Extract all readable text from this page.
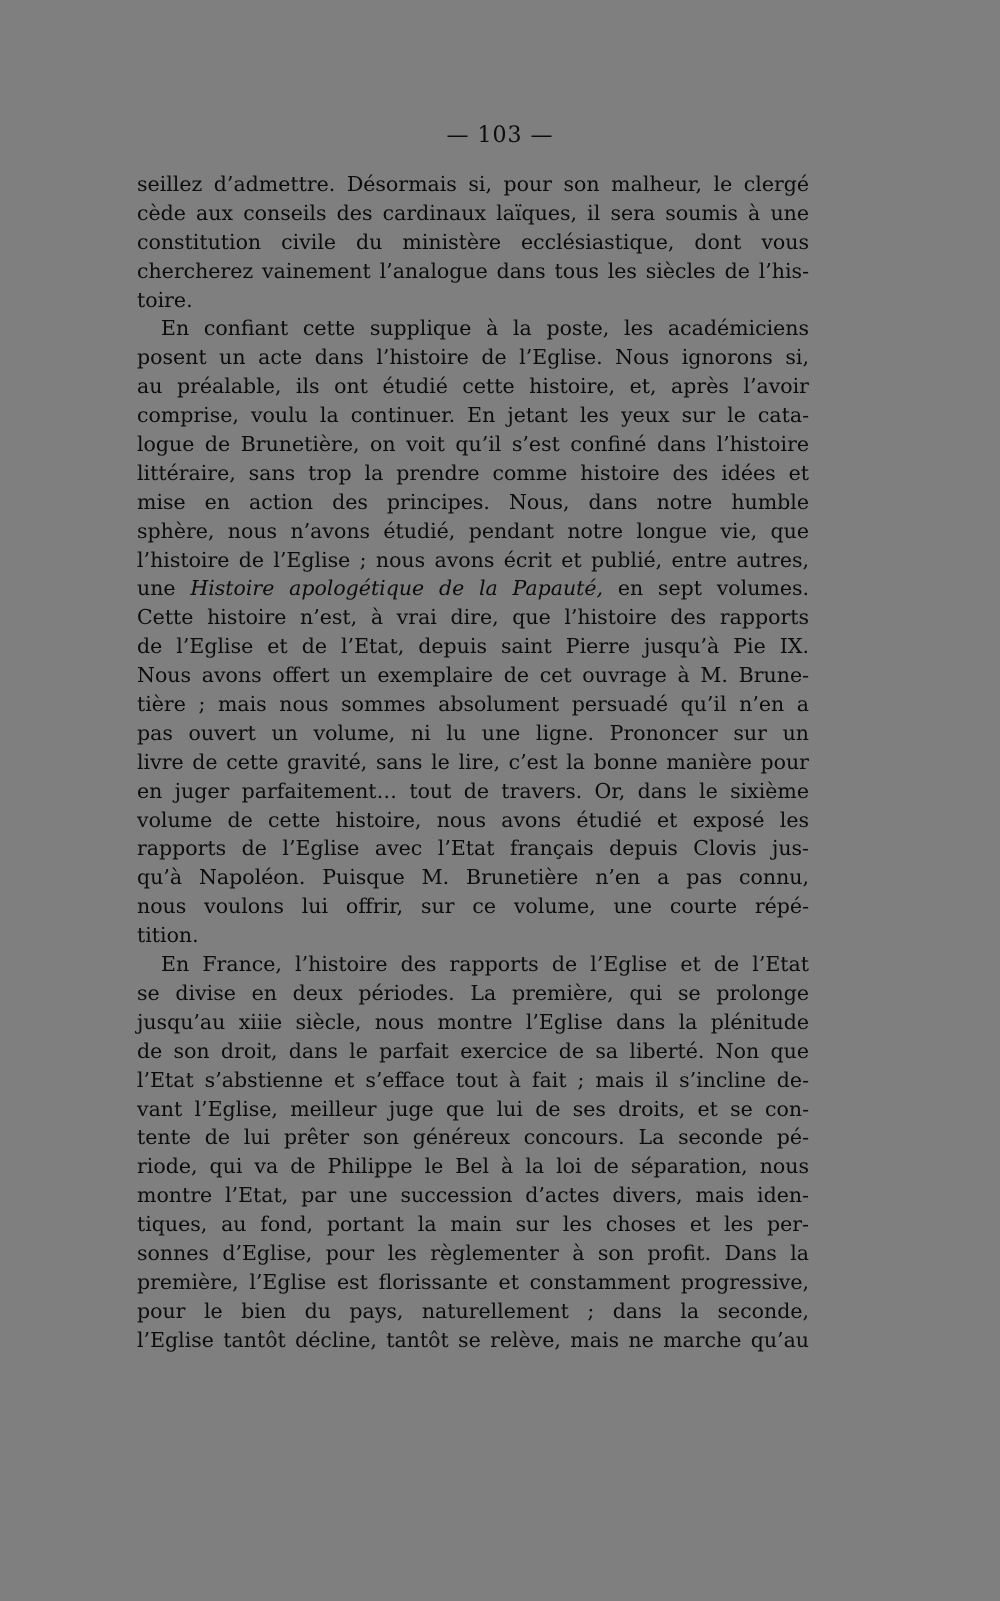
— 103 —
seillez d’admettre. Désormais si, pour son malheur, le clergé
cède aux conseils des cardinaux laïques, il sera soumis à une
constitution civile du ministère ecclésiastique, dont vous
chercherez vainement l’analogue dans tous les siècles de l’his-
toire.
En confiant cette supplique à la poste, les académiciens
posent un acte dans l’histoire de l’Eglise. Nous ignorons si,
au préalable, ils ont étudié cette histoire, et, après l’avoir
comprise, voulu la continuer. En jetant les yeux sur le cata-
logue de Brunetière, on voit qu’il s’est confiné dans l’histoire
littéraire, sans trop la prendre comme histoire des idées et
mise en action des principes. Nous, dans notre humble
sphère, nous n’avons étudié, pendant notre longue vie, que
l’histoire de l’Eglise ; nous avons écrit et publié, entre autres,
une Histoire apologétique de la Papauté, en sept volumes.
Cette histoire n’est, à vrai dire, que l’histoire des rapports
de l’Eglise et de l’Etat, depuis saint Pierre jusqu’à Pie IX.
Nous avons offert un exemplaire de cet ouvrage à M. Brune-
tière ; mais nous sommes absolument persuadé qu’il n’en a
pas ouvert un volume, ni lu une ligne. Prononcer sur un
livre de cette gravité, sans le lire, c’est la bonne manière pour
en juger parfaitement… tout de travers. Or, dans le sixième
volume de cette histoire, nous avons étudié et exposé les
rapports de l’Eglise avec l’Etat français depuis Clovis jus-
qu’à Napoléon. Puisque M. Brunetière n’en a pas connu,
nous voulons lui offrir, sur ce volume, une courte répé-
tition.
En France, l’histoire des rapports de l’Eglise et de l’Etat
se divise en deux périodes. La première, qui se prolonge
jusqu’au xiiie siècle, nous montre l’Eglise dans la plénitude
de son droit, dans le parfait exercice de sa liberté. Non que
l’Etat s’abstienne et s’efface tout à fait ; mais il s’incline de-
vant l’Eglise, meilleur juge que lui de ses droits, et se con-
tente de lui prêter son généreux concours. La seconde pé-
riode, qui va de Philippe le Bel à la loi de séparation, nous
montre l’Etat, par une succession d’actes divers, mais iden-
tiques, au fond, portant la main sur les choses et les per-
sonnes d’Eglise, pour les règlementer à son profit. Dans la
première, l’Eglise est florissante et constamment progressive,
pour le bien du pays, naturellement ; dans la seconde,
l’Eglise tantôt décline, tantôt se relève, mais ne marche qu’au
